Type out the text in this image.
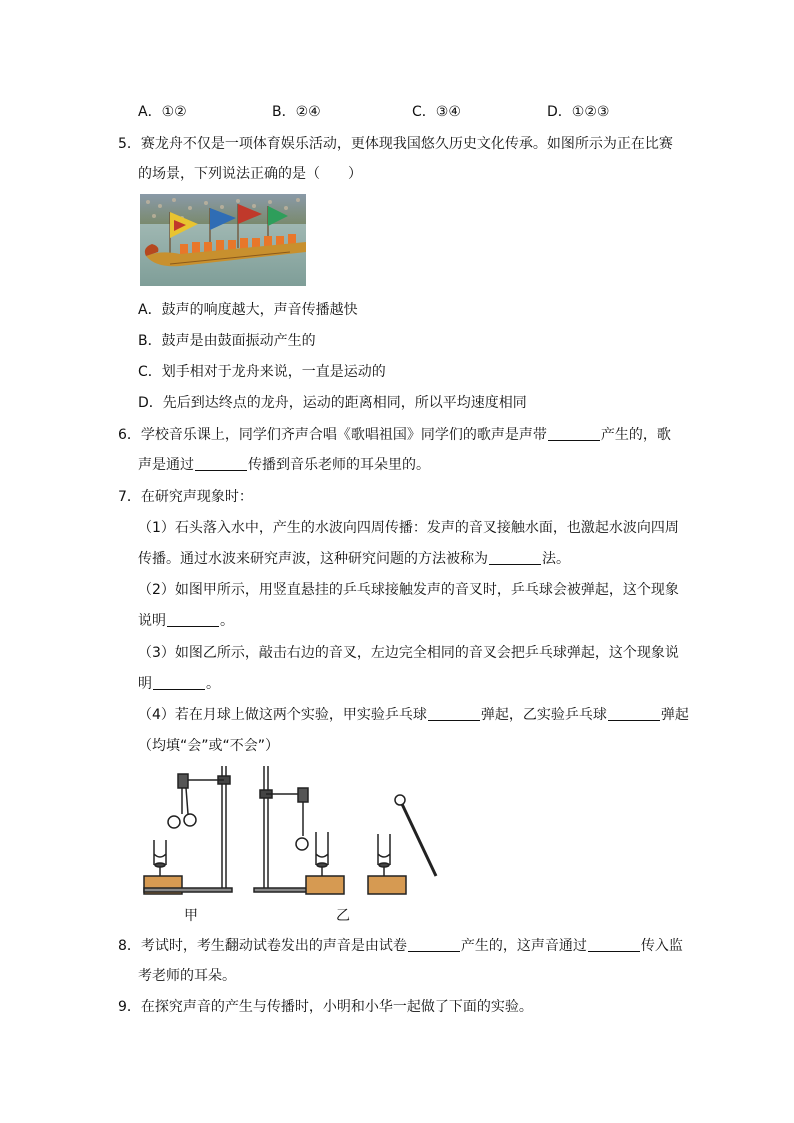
A．①②	B．②④	C．③④	D．①②③
5．赛龙舟不仅是一项体育娱乐活动，更体现我国悠久历史文化传承。如图所示为正在比赛
的场景，下列说法正确的是（　　）
A．鼓声的响度越大，声音传播越快
B．鼓声是由鼓面振动产生的
C．划手相对于龙舟来说，一直是运动的
D．先后到达终点的龙舟，运动的距离相同，所以平均速度相同
6．学校音乐课上，同学们齐声合唱《歌唱祖国》同学们的歌声是声带	产生的，歌
声是通过	传播到音乐老师的耳朵里的。
7．在研究声现象时：
（1）石头落入水中，产生的水波向四周传播：发声的音叉接触水面，也激起水波向四周
传播。通过水波来研究声波，这种研究问题的方法被称为	法。
（2）如图甲所示，用竖直悬挂的乒乓球接触发声的音叉时，乒乓球会被弹起，这个现象
说明	。
（3）如图乙所示，敲击右边的音叉，左边完全相同的音叉会把乒乓球弹起，这个现象说
明	。
（4）若在月球上做这两个实验，甲实验乒乓球	弹起，乙实验乒乓球	弹起
（均填“会”或“不会”）
甲	乙
8．考试时，考生翻动试卷发出的声音是由试卷	产生的，这声音通过	传入监
考老师的耳朵。
9．在探究声音的产生与传播时，小明和小华一起做了下面的实验。
